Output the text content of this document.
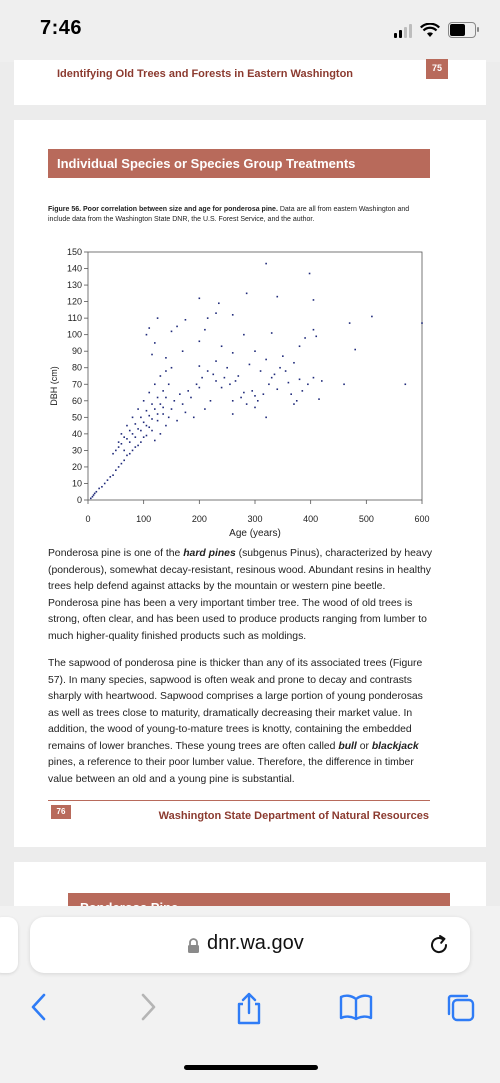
7:46
Identifying Old Trees and Forests in Eastern Washington	75
Individual Species or Species Group Treatments
Figure 56. Poor correlation between size and age for ponderosa pine. Data are all from eastern Washington and include data from the Washington State DNR, the U.S. Forest Service, and the author.
0
10
20
30
40
50
60
70
80
90
100
110
120
130
140
150
0	100	200	300	400	500	600
DBH (cm)
Age (years)

Ponderosa pine is one of the hard pines (subgenus Pinus), characterized by heavy (ponderous), somewhat decay-resistant, resinous wood. Abundant resins in healthy trees help defend against attacks by the mountain or western pine beetle. Ponderosa pine has been a very important timber tree. The wood of old trees is strong, often clear, and has been used to produce products ranging from lumber to much higher-quality finished products such as moldings.

The sapwood of ponderosa pine is thicker than any of its associated trees (Figure 57). In many species, sapwood is often weak and prone to decay and contrasts sharply with heartwood. Sapwood comprises a large portion of young ponderosas as well as trees close to maturity, dramatically decreasing their market value. In addition, the wood of young-to-mature trees is knotty, containing the embedded remains of lower branches. These young trees are often called bull or blackjack pines, a reference to their poor lumber value. Therefore, the difference in timber value between an old and a young pine is substantial.

76	Washington State Department of Natural Resources
dnr.wa.gov
